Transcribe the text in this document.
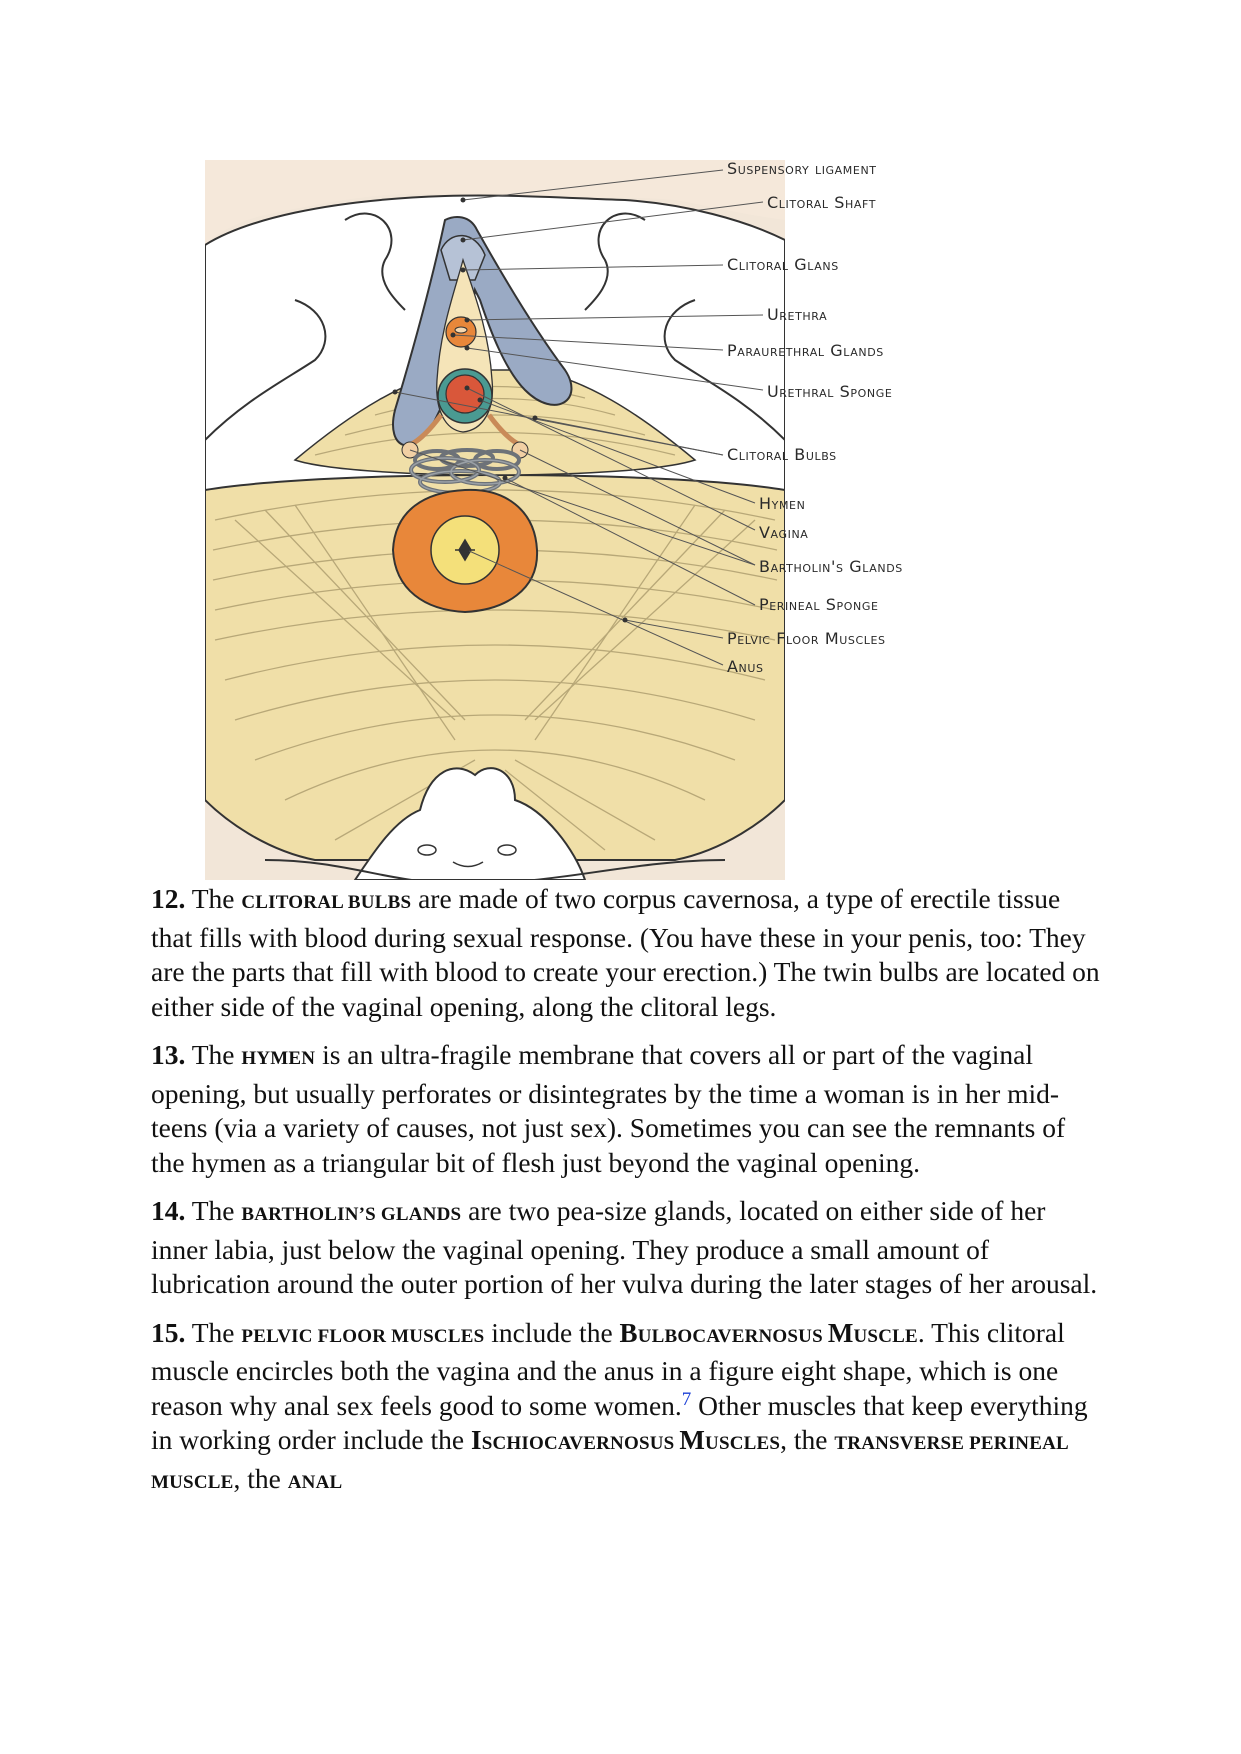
Suspensory ligament
Clitoral Shaft
Clitoral Glans
Urethra
Paraurethral Glands
Urethral Sponge
Clitoral Bulbs
Hymen
Vagina
Bartholin's Glands
Perineal Sponge
Pelvic Floor Muscles
Anus

12. The CLITORAL BULBS are made of two corpus cavernosa, a type of erectile tissue that fills with blood during sexual response. (You have these in your penis, too: They are the parts that fill with blood to create your erection.) The twin bulbs are located on either side of the vaginal opening, along the clitoral legs.

13. The HYMEN is an ultra-fragile membrane that covers all or part of the vaginal opening, but usually perforates or disintegrates by the time a woman is in her mid-teens (via a variety of causes, not just sex). Sometimes you can see the remnants of the hymen as a triangular bit of flesh just beyond the vaginal opening.

14. The BARTHOLIN’S GLANDS are two pea-size glands, located on either side of her inner labia, just below the vaginal opening. They produce a small amount of lubrication around the outer portion of her vulva during the later stages of her arousal.

15. The PELVIC FLOOR MUSCLES include the BULBOCAVERNOSUS MUSCLE. This clitoral muscle encircles both the vagina and the anus in a figure eight shape, which is one reason why anal sex feels good to some women.$^7$ Other muscles that keep everything in working order include the ISCHIOCAVERNOSUS MUSCLES, the TRANSVERSE PERINEAL MUSCLE, the ANAL
